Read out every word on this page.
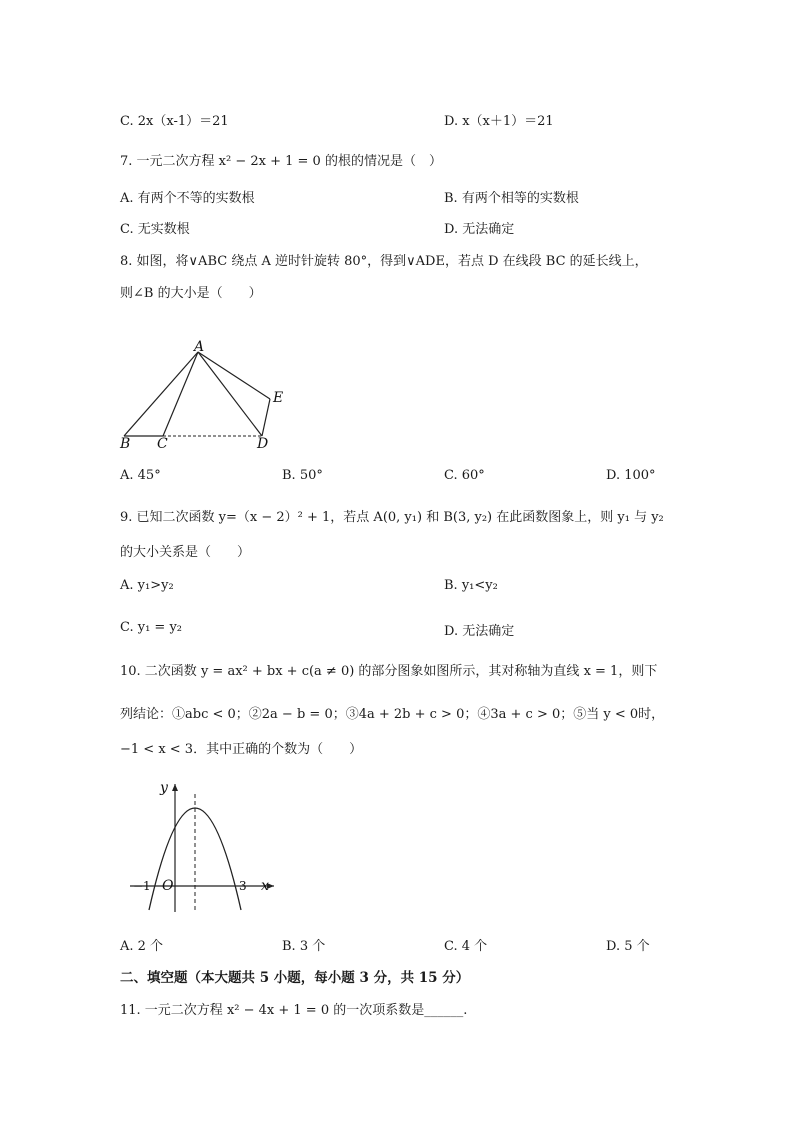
C. 2x（x-1）＝21	D. x（x＋1）＝21
7. 一元二次方程 x² − 2x + 1 = 0 的根的情况是（　）
A. 有两个不等的实数根	B. 有两个相等的实数根
C. 无实数根	D. 无法确定
8. 如图，将∨ABC 绕点 A 逆时针旋转 80°，得到∨ADE，若点 D 在线段 BC 的延长线上，
则∠B 的大小是（　　）
A
B C	D
E
A. 45°	B. 50°	C. 60°	D. 100°
9. 已知二次函数 y=（x − 2）² + 1，若点 A(0, y₁) 和 B(3, y₂) 在此函数图象上，则 y₁ 与 y₂
的大小关系是（　　）
A. y₁>y₂	B. y₁<y₂
C. y₁ = y₂	D. 无法确定
10. 二次函数 y = ax² + bx + c(a ≠ 0) 的部分图象如图所示，其对称轴为直线 x = 1，则下
列结论：①abc < 0；②2a − b = 0；③4a + 2b + c > 0；④3a + c > 0；⑤当 y < 0时，
−1 < x < 3．其中正确的个数为（　　）
y
x
O
−1	3
A. 2 个	B. 3 个	C. 4 个	D. 5 个
二、填空题（本大题共 5 小题，每小题 3 分，共 15 分）
11. 一元二次方程 x² − 4x + 1 = 0 的一次项系数是______.
